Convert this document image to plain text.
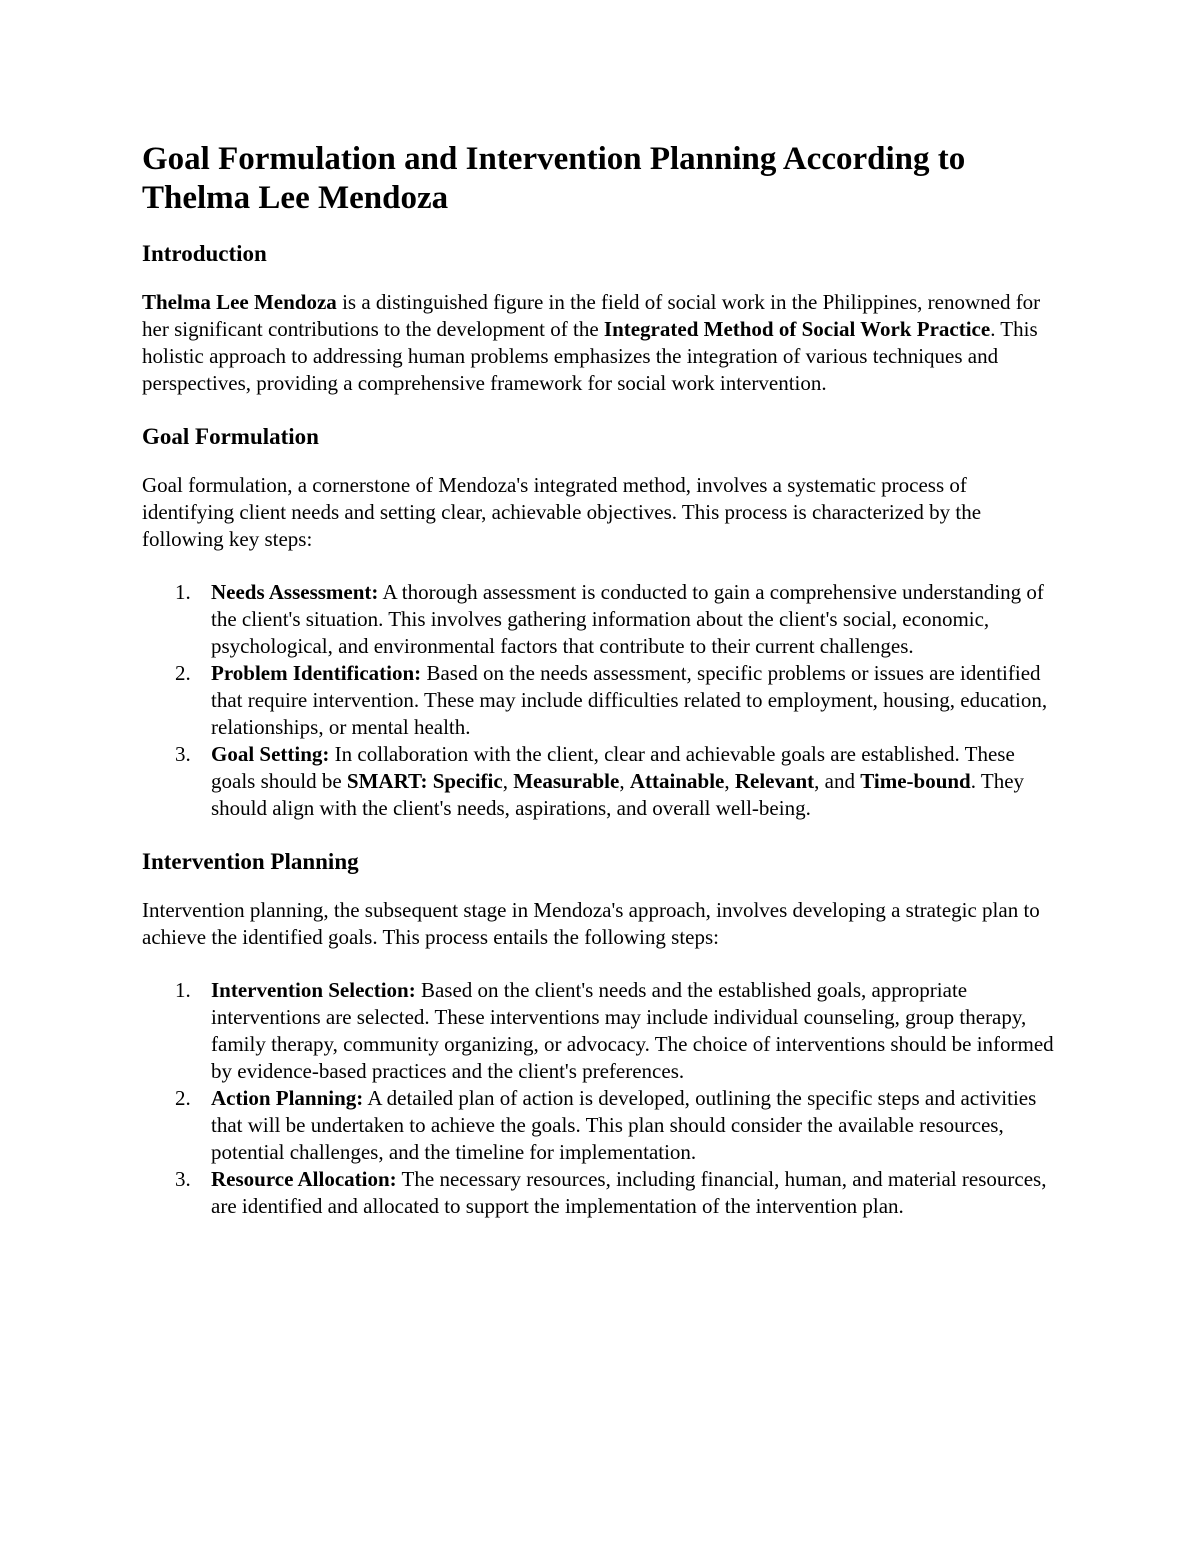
Goal Formulation and Intervention Planning According to Thelma Lee Mendoza
Introduction

Thelma Lee Mendoza is a distinguished figure in the field of social work in the Philippines, renowned for her significant contributions to the development of the Integrated Method of Social Work Practice. This holistic approach to addressing human problems emphasizes the integration of various techniques and perspectives, providing a comprehensive framework for social work intervention.

Goal Formulation

Goal formulation, a cornerstone of Mendoza's integrated method, involves a systematic process of identifying client needs and setting clear, achievable objectives. This process is characterized by the following key steps:

1. Needs Assessment: A thorough assessment is conducted to gain a comprehensive understanding of the client's situation. This involves gathering information about the client's social, economic, psychological, and environmental factors that contribute to their current challenges.
2. Problem Identification: Based on the needs assessment, specific problems or issues are identified that require intervention. These may include difficulties related to employment, housing, education, relationships, or mental health.
3. Goal Setting: In collaboration with the client, clear and achievable goals are established. These goals should be SMART: Specific, Measurable, Attainable, Relevant, and Time-bound. They should align with the client's needs, aspirations, and overall well-being.
Intervention Planning

Intervention planning, the subsequent stage in Mendoza's approach, involves developing a strategic plan to achieve the identified goals. This process entails the following steps:

1. Intervention Selection: Based on the client's needs and the established goals, appropriate interventions are selected. These interventions may include individual counseling, group therapy, family therapy, community organizing, or advocacy. The choice of interventions should be informed by evidence-based practices and the client's preferences.
2. Action Planning: A detailed plan of action is developed, outlining the specific steps and activities that will be undertaken to achieve the goals. This plan should consider the available resources, potential challenges, and the timeline for implementation.
3. Resource Allocation: The necessary resources, including financial, human, and material resources, are identified and allocated to support the implementation of the intervention plan.
